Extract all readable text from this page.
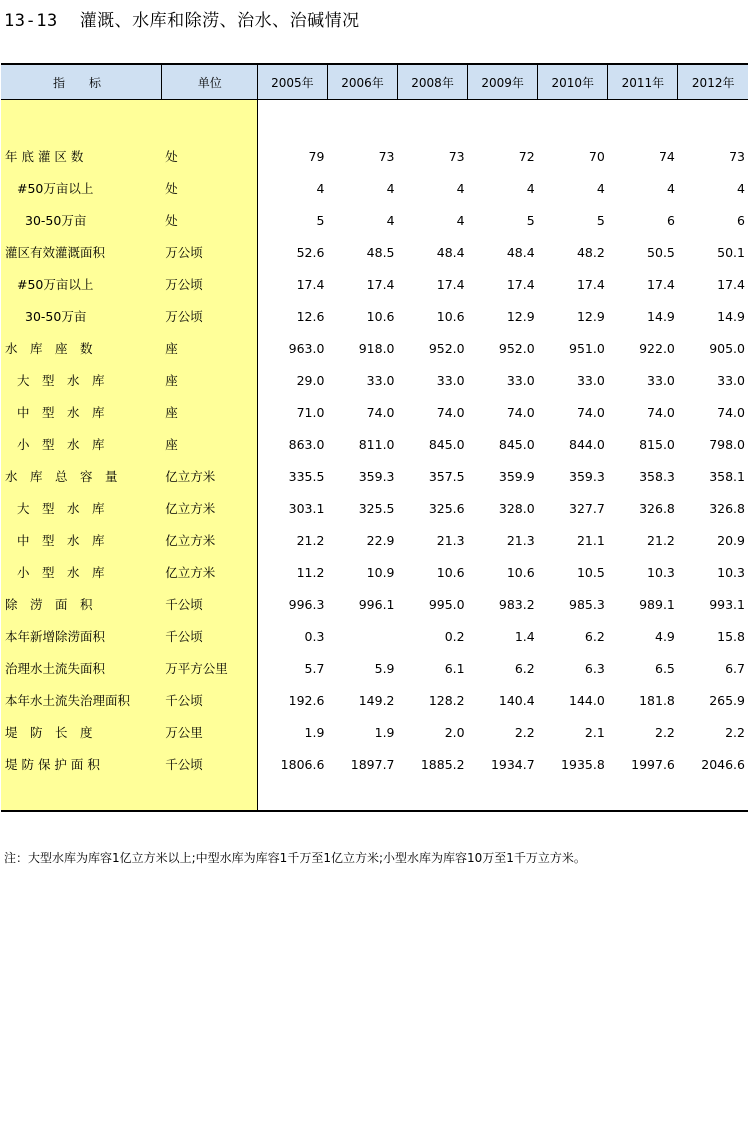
13-13 灌溉、水库和除涝、治水、治碱情况
指　　标	单位	2005年	2006年	2008年	2009年	2010年	2011年	2012年

年 底 灌 区 数	处	79	73	73	72	70	74	73
#50万亩以上	处	4	4	4	4	4	4	4
30-50万亩	处	5	4	4	5	5	6	6
灌区有效灌溉面积	万公顷	52.6	48.5	48.4	48.4	48.2	50.5	50.1
#50万亩以上	万公顷	17.4	17.4	17.4	17.4	17.4	17.4	17.4
30-50万亩	万公顷	12.6	10.6	10.6	12.9	12.9	14.9	14.9
水　库　座　数	座	963.0	918.0	952.0	952.0	951.0	922.0	905.0
大　型　水　库	座	29.0	33.0	33.0	33.0	33.0	33.0	33.0
中　型　水　库	座	71.0	74.0	74.0	74.0	74.0	74.0	74.0
小　型　水　库	座	863.0	811.0	845.0	845.0	844.0	815.0	798.0
水　库　总　容　量	亿立方米	335.5	359.3	357.5	359.9	359.3	358.3	358.1
大　型　水　库	亿立方米	303.1	325.5	325.6	328.0	327.7	326.8	326.8
中　型　水　库	亿立方米	21.2	22.9	21.3	21.3	21.1	21.2	20.9
小　型　水　库	亿立方米	11.2	10.9	10.6	10.6	10.5	10.3	10.3
除　涝　面　积	千公顷	996.3	996.1	995.0	983.2	985.3	989.1	993.1
本年新增除涝面积	千公顷	0.3		0.2	1.4	6.2	4.9	15.8
治理水土流失面积	万平方公里	5.7	5.9	6.1	6.2	6.3	6.5	6.7
本年水土流失治理面积	千公顷	192.6	149.2	128.2	140.4	144.0	181.8	265.9
堤　防　长　度	万公里	1.9	1.9	2.0	2.2	2.1	2.2	2.2
堤 防 保 护 面 积	千公顷	1806.6	1897.7	1885.2	1934.7	1935.8	1997.6	2046.6

注：大型水库为库容1亿立方米以上;中型水库为库容1千万至1亿立方米;小型水库为库容10万至1千万立方米。
